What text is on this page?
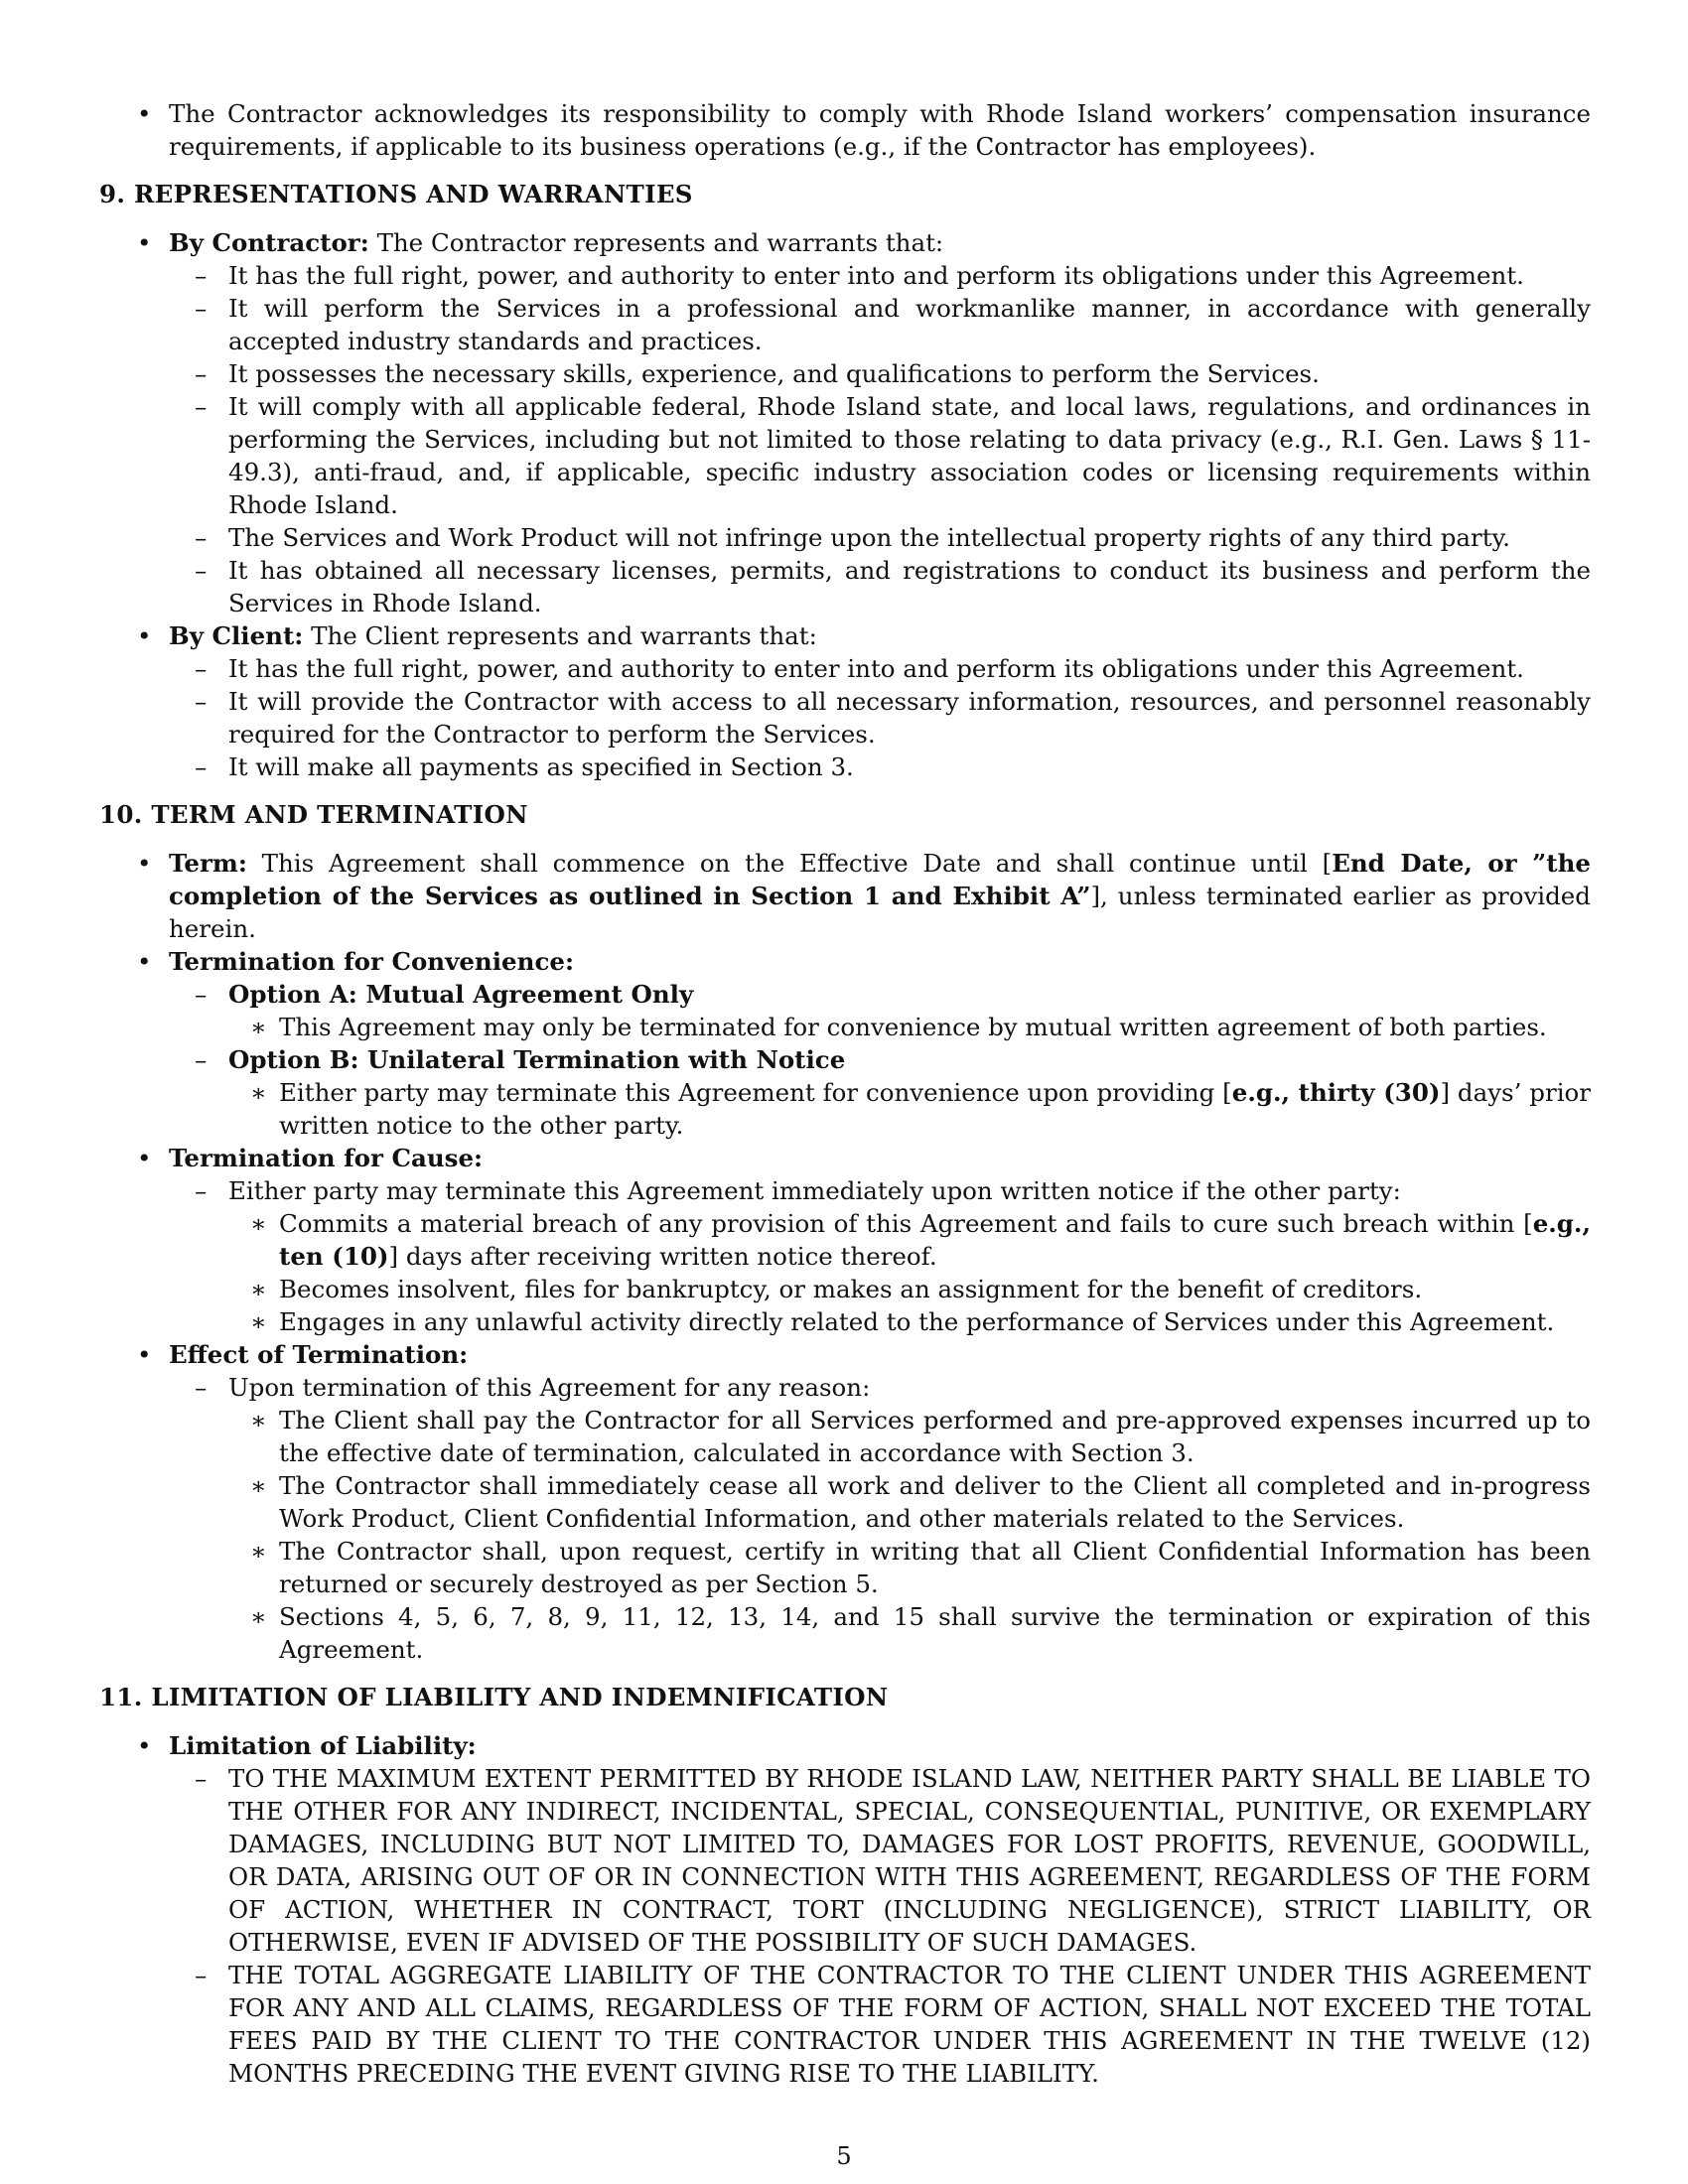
• The Contractor acknowledges its responsibility to comply with Rhode Island workers’ compensation insurance requirements, if applicable to its business operations (e.g., if the Contractor has employees).
9. REPRESENTATIONS AND WARRANTIES
• By Contractor: The Contractor represents and warrants that:
– It has the full right, power, and authority to enter into and perform its obligations under this Agreement.
– It will perform the Services in a professional and workmanlike manner, in accordance with generally accepted industry standards and practices.
– It possesses the necessary skills, experience, and qualifications to perform the Services.
– It will comply with all applicable federal, Rhode Island state, and local laws, regulations, and ordinances in performing the Services, including but not limited to those relating to data privacy (e.g., R.I. Gen. Laws § 11-49.3), anti-fraud, and, if applicable, specific industry association codes or licensing requirements within Rhode Island.
– The Services and Work Product will not infringe upon the intellectual property rights of any third party.
– It has obtained all necessary licenses, permits, and registrations to conduct its business and perform the Services in Rhode Island.
• By Client: The Client represents and warrants that:
– It has the full right, power, and authority to enter into and perform its obligations under this Agreement.
– It will provide the Contractor with access to all necessary information, resources, and personnel reasonably required for the Contractor to perform the Services.
– It will make all payments as specified in Section 3.
10. TERM AND TERMINATION
• Term: This Agreement shall commence on the Effective Date and shall continue until [End Date, or ”the completion of the Services as outlined in Section 1 and Exhibit A”], unless terminated earlier as provided herein.
• Termination for Convenience:
– Option A: Mutual Agreement Only
∗ This Agreement may only be terminated for convenience by mutual written agreement of both parties.
– Option B: Unilateral Termination with Notice
∗ Either party may terminate this Agreement for convenience upon providing [e.g., thirty (30)] days’ prior written notice to the other party.
• Termination for Cause:
– Either party may terminate this Agreement immediately upon written notice if the other party:
∗ Commits a material breach of any provision of this Agreement and fails to cure such breach within [e.g., ten (10)] days after receiving written notice thereof.
∗ Becomes insolvent, files for bankruptcy, or makes an assignment for the benefit of creditors.
∗ Engages in any unlawful activity directly related to the performance of Services under this Agreement.
• Effect of Termination:
– Upon termination of this Agreement for any reason:
∗ The Client shall pay the Contractor for all Services performed and pre-approved expenses incurred up to the effective date of termination, calculated in accordance with Section 3.
∗ The Contractor shall immediately cease all work and deliver to the Client all completed and in-progress Work Product, Client Confidential Information, and other materials related to the Services.
∗ The Contractor shall, upon request, certify in writing that all Client Confidential Information has been returned or securely destroyed as per Section 5.
∗ Sections 4, 5, 6, 7, 8, 9, 11, 12, 13, 14, and 15 shall survive the termination or expiration of this Agreement.
11. LIMITATION OF LIABILITY AND INDEMNIFICATION
• Limitation of Liability:
– TO THE MAXIMUM EXTENT PERMITTED BY RHODE ISLAND LAW, NEITHER PARTY SHALL BE LIABLE TO THE OTHER FOR ANY INDIRECT, INCIDENTAL, SPECIAL, CONSEQUENTIAL, PUNITIVE, OR EXEMPLARY DAMAGES, INCLUDING BUT NOT LIMITED TO, DAMAGES FOR LOST PROFITS, REVENUE, GOODWILL, OR DATA, ARISING OUT OF OR IN CONNECTION WITH THIS AGREEMENT, REGARDLESS OF THE FORM OF ACTION, WHETHER IN CONTRACT, TORT (INCLUDING NEGLIGENCE), STRICT LIABILITY, OR OTHERWISE, EVEN IF ADVISED OF THE POSSIBILITY OF SUCH DAMAGES.
– THE TOTAL AGGREGATE LIABILITY OF THE CONTRACTOR TO THE CLIENT UNDER THIS AGREEMENT FOR ANY AND ALL CLAIMS, REGARDLESS OF THE FORM OF ACTION, SHALL NOT EXCEED THE TOTAL FEES PAID BY THE CLIENT TO THE CONTRACTOR UNDER THIS AGREEMENT IN THE TWELVE (12) MONTHS PRECEDING THE EVENT GIVING RISE TO THE LIABILITY.
5
